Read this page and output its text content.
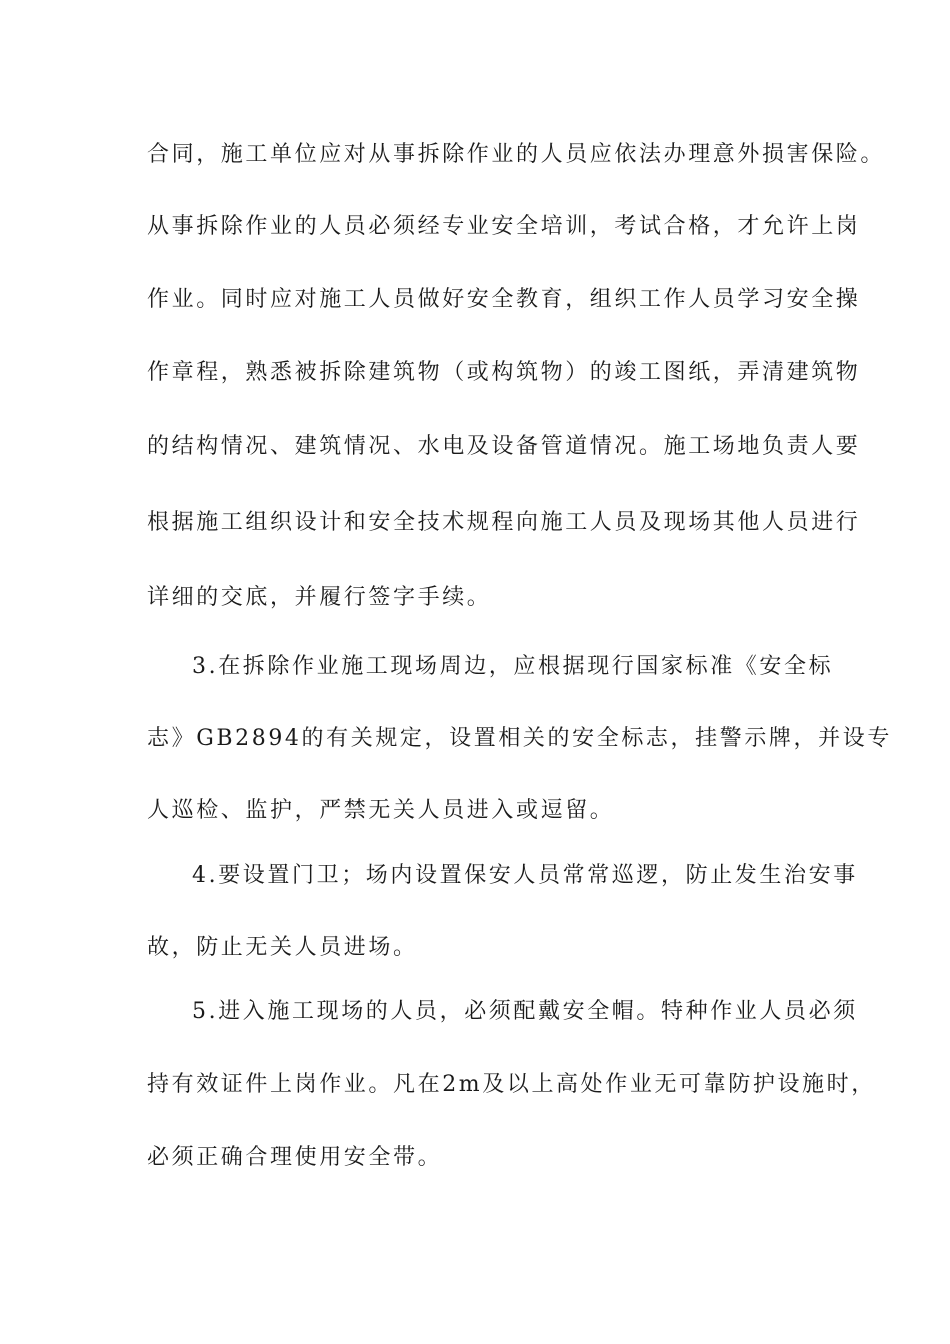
合同，施工单位应对从事拆除作业的人员应依法办理意外损害保险。
从事拆除作业的人员必须经专业安全培训，考试合格，才允许上岗
作业。同时应对施工人员做好安全教育，组织工作人员学习安全操
作章程，熟悉被拆除建筑物（或构筑物）的竣工图纸，弄清建筑物
的结构情况、建筑情况、水电及设备管道情况。施工场地负责人要
根据施工组织设计和安全技术规程向施工人员及现场其他人员进行
详细的交底，并履行签字手续。
3.在拆除作业施工现场周边，应根据现行国家标准《安全标
志》GB2894的有关规定，设置相关的安全标志，挂警示牌，并设专
人巡检、监护，严禁无关人员进入或逗留。
4.要设置门卫；场内设置保安人员常常巡逻，防止发生治安事
故，防止无关人员进场。
5.进入施工现场的人员，必须配戴安全帽。特种作业人员必须
持有效证件上岗作业。凡在2m及以上高处作业无可靠防护设施时，
必须正确合理使用安全带。
